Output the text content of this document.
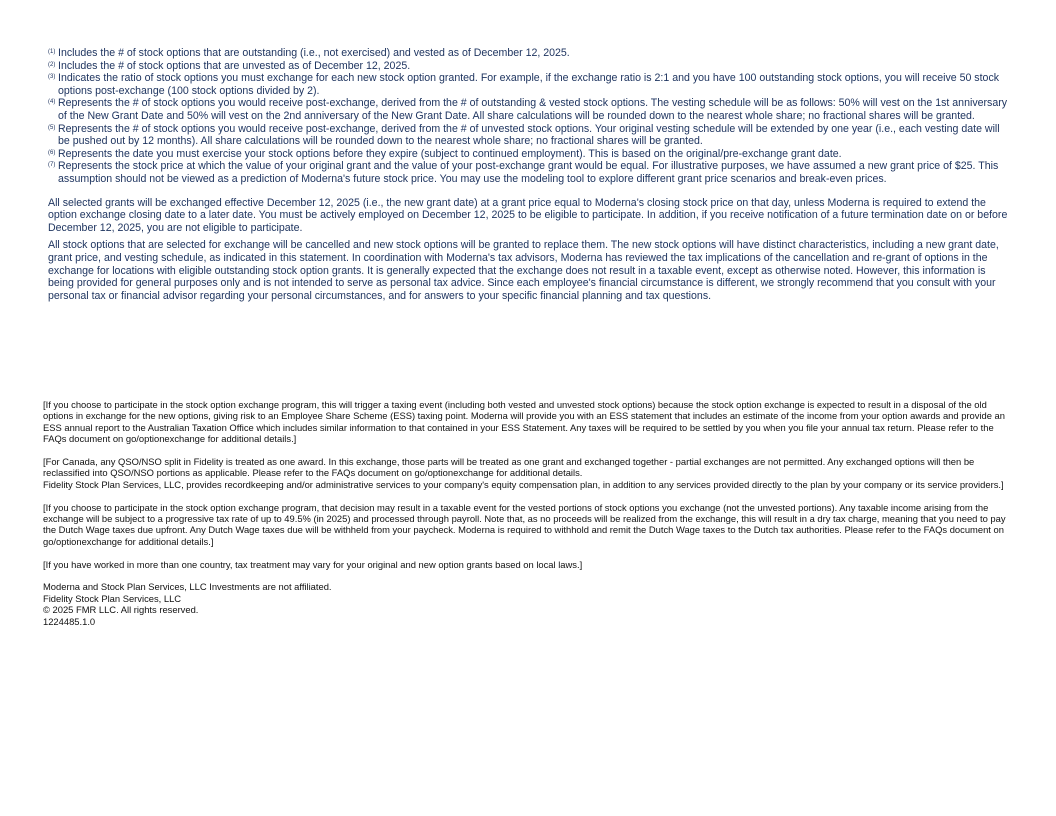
(1) Includes the # of stock options that are outstanding (i.e., not exercised) and vested as of December 12, 2025.
(2) Includes the # of stock options that are unvested as of December 12, 2025.
(3) Indicates the ratio of stock options you must exchange for each new stock option granted. For example, if the exchange ratio is 2:1 and you have 100 outstanding stock options, you will receive 50 stock options post-exchange (100 stock options divided by 2).
(4) Represents the # of stock options you would receive post-exchange, derived from the # of outstanding & vested stock options. The vesting schedule will be as follows: 50% will vest on the 1st anniversary of the New Grant Date and 50% will vest on the 2nd anniversary of the New Grant Date. All share calculations will be rounded down to the nearest whole share; no fractional shares will be granted.
(5) Represents the # of stock options you would receive post-exchange, derived from the # of unvested stock options. Your original vesting schedule will be extended by one year (i.e., each vesting date will be pushed out by 12 months). All share calculations will be rounded down to the nearest whole share; no fractional shares will be granted.
(6) Represents the date you must exercise your stock options before they expire (subject to continued employment). This is based on the original/pre-exchange grant date.
(7) Represents the stock price at which the value of your original grant and the value of your post-exchange grant would be equal. For illustrative purposes, we have assumed a new grant price of $25. This assumption should not be viewed as a prediction of Moderna's future stock price. You may use the modeling tool to explore different grant price scenarios and break-even prices.

All selected grants will be exchanged effective December 12, 2025 (i.e., the new grant date) at a grant price equal to Moderna's closing stock price on that day, unless Moderna is required to extend the option exchange closing date to a later date. You must be actively employed on December 12, 2025 to be eligible to participate. In addition, if you receive notification of a future termination date on or before December 12, 2025, you are not eligible to participate.

All stock options that are selected for exchange will be cancelled and new stock options will be granted to replace them. The new stock options will have distinct characteristics, including a new grant date, grant price, and vesting schedule, as indicated in this statement. In coordination with Moderna's tax advisors, Moderna has reviewed the tax implications of the cancellation and re-grant of options in the exchange for locations with eligible outstanding stock option grants. It is generally expected that the exchange does not result in a taxable event, except as otherwise noted. However, this information is being provided for general purposes only and is not intended to serve as personal tax advice. Since each employee's financial circumstance is different, we strongly recommend that you consult with your personal tax or financial advisor regarding your personal circumstances, and for answers to your specific financial planning and tax questions.

[If you choose to participate in the stock option exchange program, this will trigger a taxing event (including both vested and unvested stock options) because the stock option exchange is expected to result in a disposal of the old options in exchange for the new options, giving risk to an Employee Share Scheme (ESS) taxing point. Moderna will provide you with an ESS statement that includes an estimate of the income from your option awards and provide an ESS annual report to the Australian Taxation Office which includes similar information to that contained in your ESS Statement. Any taxes will be required to be settled by you when you file your annual tax return. Please refer to the FAQs document on go/optionexchange for additional details.]

[For Canada, any QSO/NSO split in Fidelity is treated as one award. In this exchange, those parts will be treated as one grant and exchanged together - partial exchanges are not permitted. Any exchanged options will then be reclassified into QSO/NSO portions as applicable. Please refer to the FAQs document on go/optionexchange for additional details.

Fidelity Stock Plan Services, LLC, provides recordkeeping and/or administrative services to your company's equity compensation plan, in addition to any services provided directly to the plan by your company or its service providers.]

[If you choose to participate in the stock option exchange program, that decision may result in a taxable event for the vested portions of stock options you exchange (not the unvested portions). Any taxable income arising from the exchange will be subject to a progressive tax rate of up to 49.5% (in 2025) and processed through payroll. Note that, as no proceeds will be realized from the exchange, this will result in a dry tax charge, meaning that you need to pay the Dutch Wage taxes due upfront. Any Dutch Wage taxes due will be withheld from your paycheck. Moderna is required to withhold and remit the Dutch Wage taxes to the Dutch tax authorities. Please refer to the FAQs document on go/optionexchange for additional details.]

[If you have worked in more than one country, tax treatment may vary for your original and new option grants based on local laws.]

Moderna and Stock Plan Services, LLC Investments are not affiliated.

Fidelity Stock Plan Services, LLC

© 2025 FMR LLC. All rights reserved.

1224485.1.0
